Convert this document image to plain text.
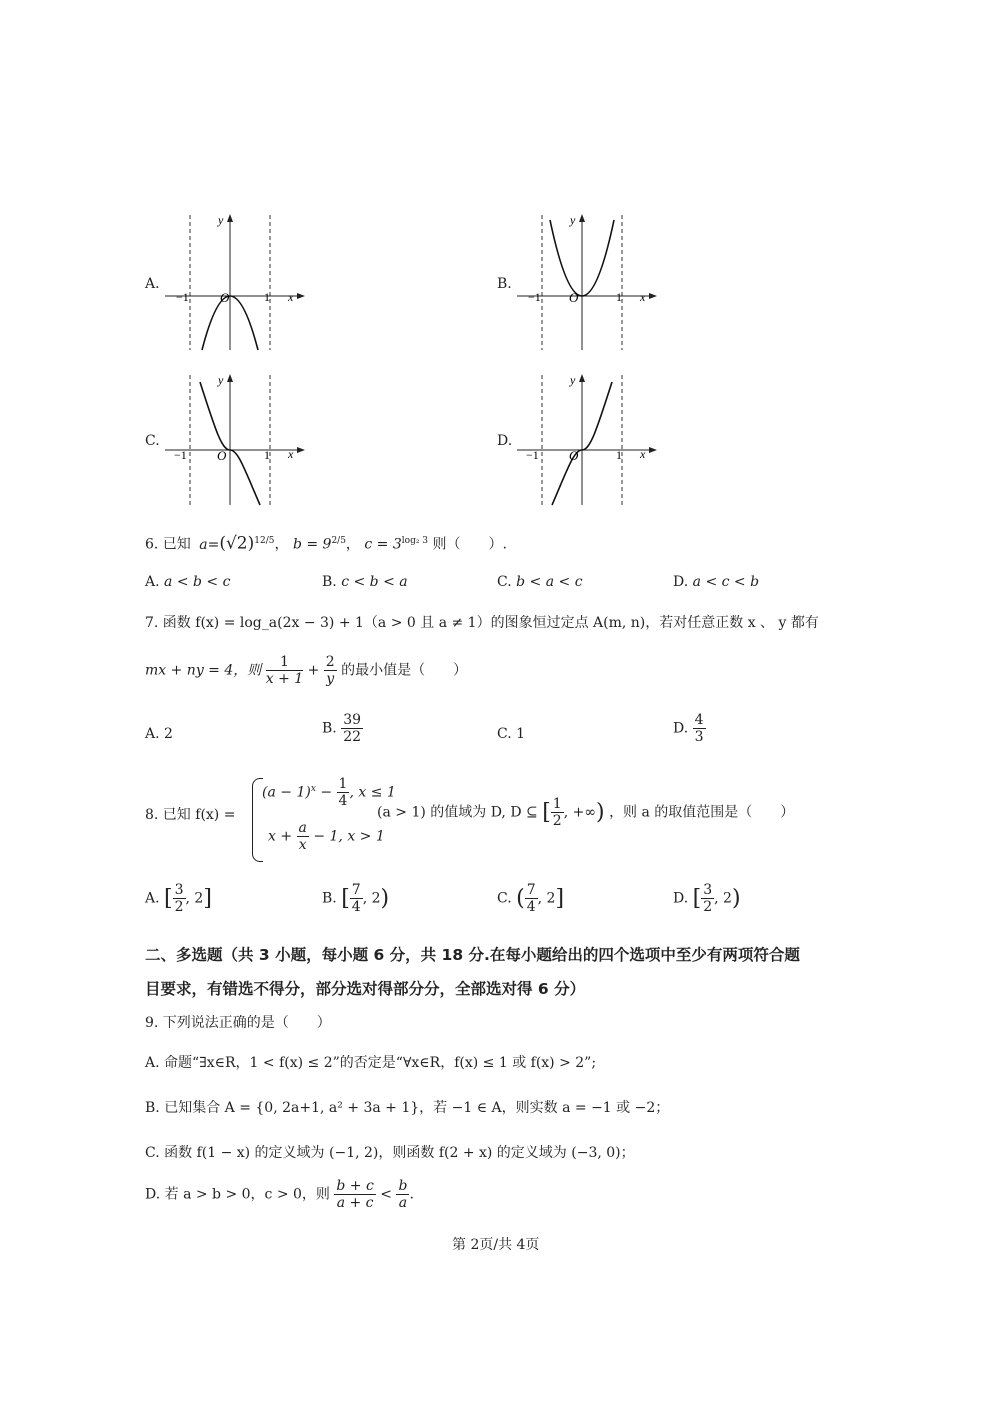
A.
y
x
O
−1	1
B.
y
x
O
−1	1
C.
y
x
O
−1	1
D.
y
x
O
−1	1
6. 已知 $a=(√2)^{12/5}$， $b = 9^{2/5}$， $c = 3^{log_2 3}$ 则（　　）.
A. a < b < c	B. c < b < a	C. b < a < c	D. a < c < b
7. 函数 f(x) = log_a(2x − 3) + 1（a > 0 且 a ≠ 1）的图象恒过定点 A(m, n)，若对任意正数 x 、 y 都有
mx + ny = 4，则 $\frac{1}{x + 1} + \frac{2}{y}$ 的最小值是（　　）
A. 2	B. $\frac{39}{22}$	C. 1	D. $\frac{4}{3}$
8. 已知 f(x) =
$(a - 1)^x - \frac{1}{4}$ , x ≤ 1
$x + \frac{a}{x} - 1$, x > 1
(a > 1) 的值域为 D, D ⊆ [ $\frac{1}{2}$ , +∞) ，则 a 的取值范围是（　　）
A. [ $\frac{3}{2}$ , 2]	B. [ $\frac{7}{4}$ , 2)	C. ( $\frac{7}{4}$ , 2]	D. [ $\frac{3}{2}$ , 2)
二、多选题（共 3 小题，每小题 6 分，共 18 分.在每小题给出的四个选项中至少有两项符合题
目要求，有错选不得分，部分选对得部分分，全部选对得 6 分）
9. 下列说法正确的是（　　）
A. 命题“∃x∈R，1 < f(x) ≤ 2”的否定是“∀x∈R，f(x) ≤ 1 或 f(x) > 2”;
B. 已知集合 A = {0, 2a+1, a² + 3a + 1}，若 −1 ∈ A，则实数 a = −1 或 −2；
C. 函数 f(1 − x) 的定义域为 (−1, 2)，则函数 f(2 + x) 的定义域为 (−3, 0)；
D. 若 a > b > 0，c > 0，则 $\frac{b + c}{a + c} < \frac{b}{a}$ .
第 2页/共 4页
